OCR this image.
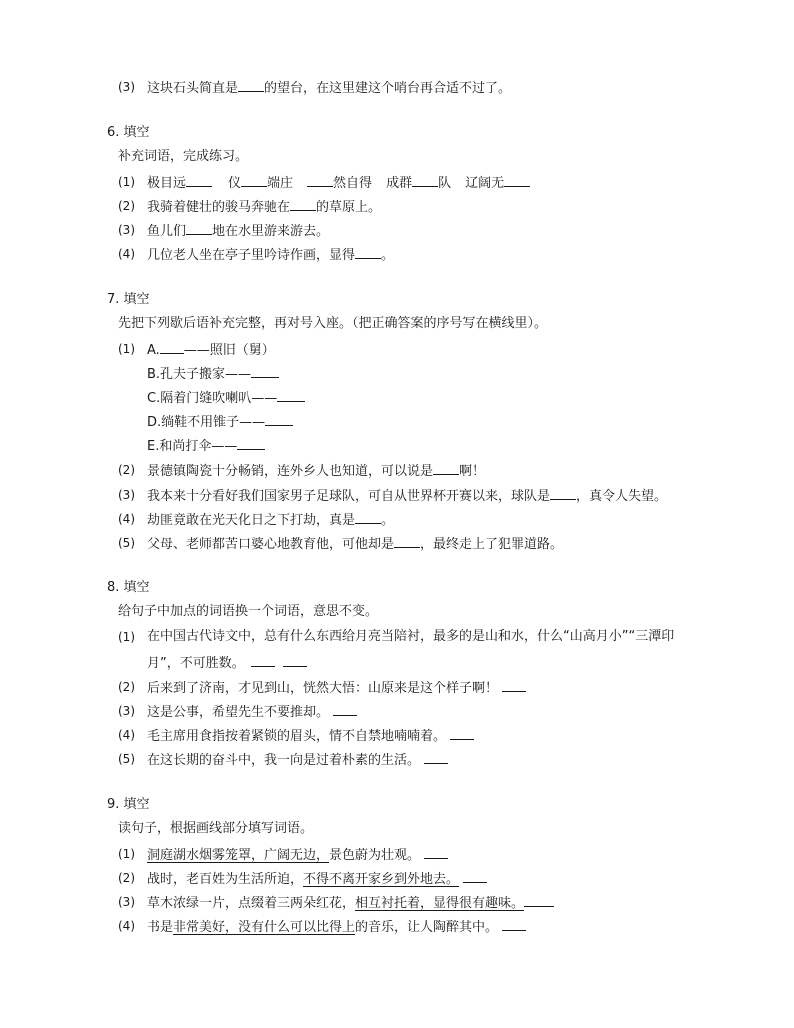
(3) 这块石头简直是 的望台，在这里建这个哨台再合适不过了。
6. 填空
补充词语，完成练习。
(1) 极目远	仪 端庄	然自得 成群 队 辽阔无
(2) 我骑着健壮的骏马奔驰在 的草原上。
(3) 鱼儿们 地在水里游来游去。
(4) 几位老人坐在亭子里吟诗作画，显得 。
7. 填空
先把下列歇后语补充完整，再对号入座。（把正确答案的序号写在横线里）。
(1) A. ——照旧（舅）
B.孔夫子搬家——
C.隔着门缝吹喇叭——
D.绱鞋不用锥子——
E.和尚打伞——
(2) 景德镇陶瓷十分畅销，连外乡人也知道，可以说是 啊！
(3) 我本来十分看好我们国家男子足球队，可自从世界杯开赛以来，球队是 ，真令人失望。
(4) 劫匪竟敢在光天化日之下打劫，真是 。
(5) 父母、老师都苦口婆心地教育他，可他却是 ，最终走上了犯罪道路。
8. 填空
给句子中加点的词语换一个词语，意思不变。
(1) 在中国古代诗文中，总有什么东西给月亮当陪衬，最多的是山和水，什么“山高月小”“三潭印
月”，不可胜数。
(2) 后来到了济南，才见到山，恍然大悟：山原来是这个样子啊！
(3) 这是公事，希望先生不要推却。
(4) 毛主席用食指按着紧锁的眉头，情不自禁地喃喃着。
(5) 在这长期的奋斗中，我一向是过着朴素的生活。
9. 填空
读句子，根据画线部分填写词语。
(1) 洞庭湖水烟雾笼罩，广阔无边，景色蔚为壮观。
(2) 战时，老百姓为生活所迫，不得不离开家乡到外地去。
(3) 草木浓绿一片，点缀着三两朵红花，相互衬托着，显得很有趣味。
(4) 书是非常美好，没有什么可以比得上的音乐，让人陶醉其中。
